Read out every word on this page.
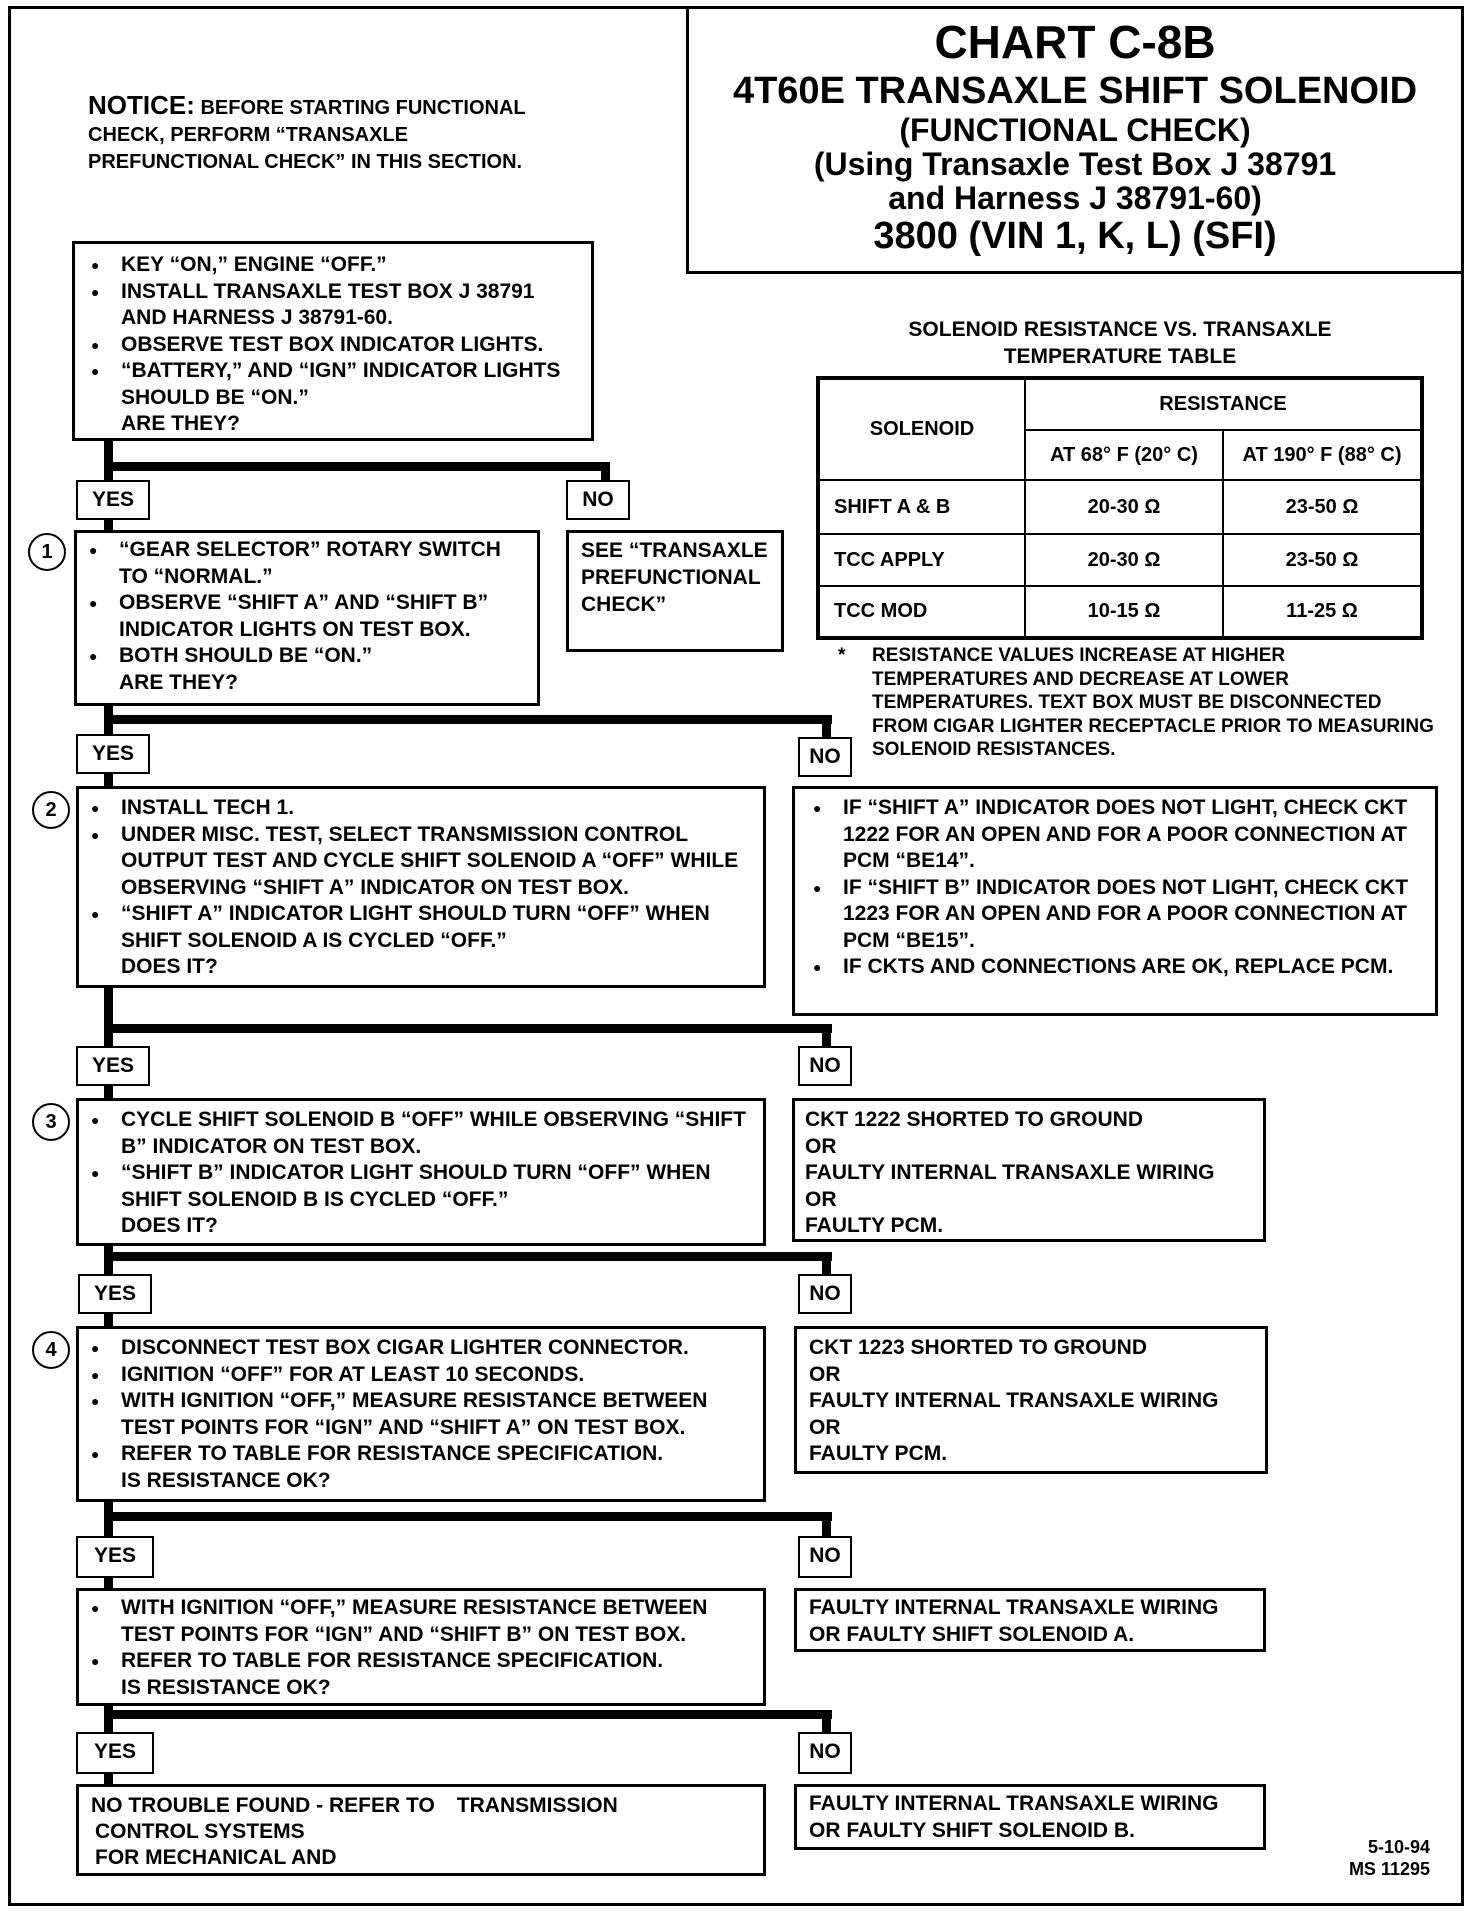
CHART C-8B
4T60E TRANSAXLE SHIFT SOLENOID
(FUNCTIONAL CHECK)
(Using Transaxle Test Box J 38791
and Harness J 38791-60)
3800 (VIN 1, K, L) (SFI)
NOTICE: BEFORE STARTING FUNCTIONAL
CHECK, PERFORM “TRANSAXLE
PREFUNCTIONAL CHECK” IN THIS SECTION.
● KEY “ON,” ENGINE “OFF.”
● INSTALL TRANSAXLE TEST BOX J 38791 AND HARNESS J 38791-60.
● OBSERVE TEST BOX INDICATOR LIGHTS.
● “BATTERY,” AND “IGN” INDICATOR LIGHTS SHOULD BE “ON.”
ARE THEY?
YES	NO
1	● “GEAR SELECTOR” ROTARY SWITCH TO “NORMAL.”
● OBSERVE “SHIFT A” AND “SHIFT B” INDICATOR LIGHTS ON TEST BOX.
● BOTH SHOULD BE “ON.”
ARE THEY?
SEE “TRANSAXLE PREFUNCTIONAL CHECK”
SOLENOID RESISTANCE VS. TRANSAXLE
TEMPERATURE TABLE
SOLENOID	RESISTANCE	
	AT 68° F (20° C)	AT 190° F (88° C)
SHIFT A & B	20-30 Ω	23-50 Ω
TCC APPLY	20-30 Ω	23-50 Ω
TCC MOD	10-15 Ω	11-25 Ω
*	RESISTANCE VALUES INCREASE AT HIGHER TEMPERATURES AND DECREASE AT LOWER TEMPERATURES. TEXT BOX MUST BE DISCONNECTED FROM CIGAR LIGHTER RECEPTACLE PRIOR TO MEASURING SOLENOID RESISTANCES.
YES	NO
2	● INSTALL TECH 1.
● UNDER MISC. TEST, SELECT TRANSMISSION CONTROL OUTPUT TEST AND CYCLE SHIFT SOLENOID A “OFF” WHILE OBSERVING “SHIFT A” INDICATOR ON TEST BOX.
● “SHIFT A” INDICATOR LIGHT SHOULD TURN “OFF” WHEN SHIFT SOLENOID A IS CYCLED “OFF.”
DOES IT?
● IF “SHIFT A” INDICATOR DOES NOT LIGHT, CHECK CKT 1222 FOR AN OPEN AND FOR A POOR CONNECTION AT PCM “BE14”.
● IF “SHIFT B” INDICATOR DOES NOT LIGHT, CHECK CKT 1223 FOR AN OPEN AND FOR A POOR CONNECTION AT PCM “BE15”.
● IF CKTS AND CONNECTIONS ARE OK, REPLACE PCM.
YES	NO
3	● CYCLE SHIFT SOLENOID B “OFF” WHILE OBSERVING “SHIFT B” INDICATOR ON TEST BOX.
● “SHIFT B” INDICATOR LIGHT SHOULD TURN “OFF” WHEN SHIFT SOLENOID B IS CYCLED “OFF.”
DOES IT?
CKT 1222 SHORTED TO GROUND
OR
FAULTY INTERNAL TRANSAXLE WIRING
OR
FAULTY PCM.
YES	NO
4	● DISCONNECT TEST BOX CIGAR LIGHTER CONNECTOR.
● IGNITION “OFF” FOR AT LEAST 10 SECONDS.
● WITH IGNITION “OFF,” MEASURE RESISTANCE BETWEEN TEST POINTS FOR “IGN” AND “SHIFT A” ON TEST BOX.
● REFER TO TABLE FOR RESISTANCE SPECIFICATION.
IS RESISTANCE OK?
CKT 1223 SHORTED TO GROUND
OR
FAULTY INTERNAL TRANSAXLE WIRING
OR
FAULTY PCM.
YES	NO
● WITH IGNITION “OFF,” MEASURE RESISTANCE BETWEEN TEST POINTS FOR “IGN” AND “SHIFT B” ON TEST BOX.
● REFER TO TABLE FOR RESISTANCE SPECIFICATION.
IS RESISTANCE OK?
FAULTY INTERNAL TRANSAXLE WIRING
OR FAULTY SHIFT SOLENOID A.
YES	NO
NO TROUBLE FOUND - REFER TO TRANSMISSION
CONTROL SYSTEMS
FOR MECHANICAL AND
FAULTY INTERNAL TRANSAXLE WIRING
OR FAULTY SHIFT SOLENOID B.
5-10-94
MS 11295
